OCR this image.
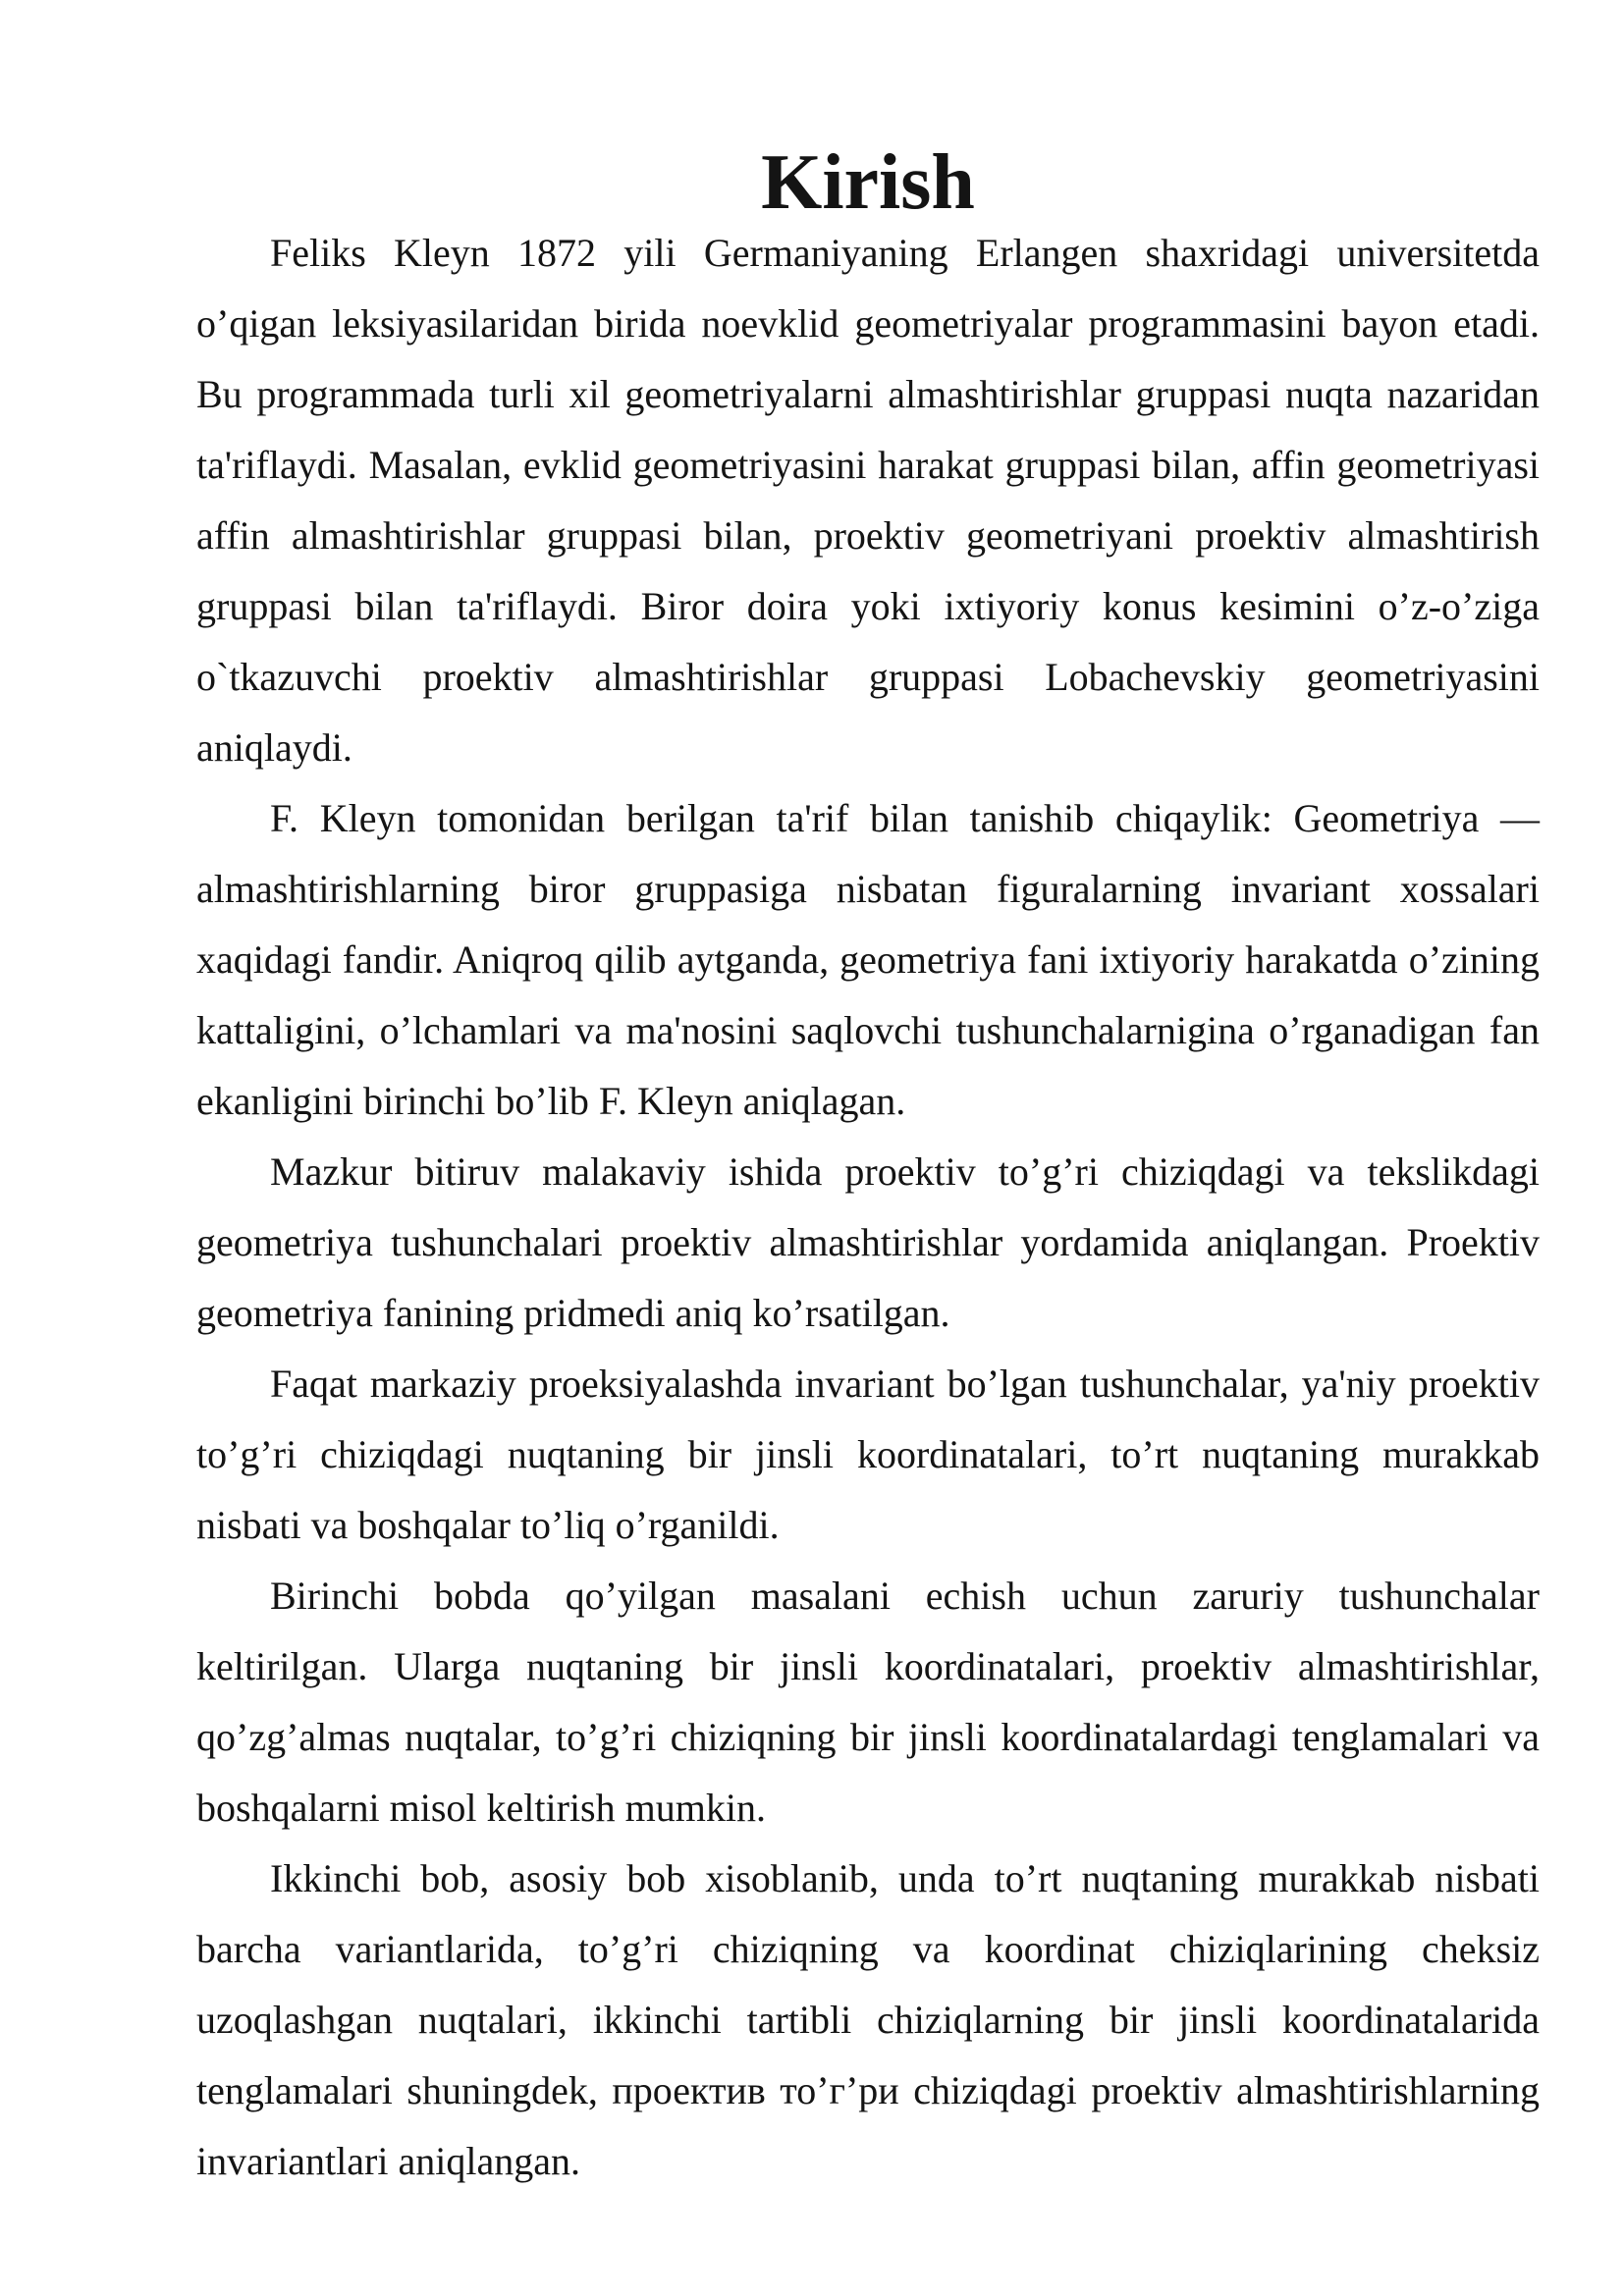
Kirish

Feliks Kleyn 1872 yili Germaniyaning Erlangen shaxridagi universitetda o’qigan leksiyasilaridan birida noevklid geometriyalar programmasini bayon etadi. Bu programmada turli xil geometriyalarni almashtirishlar gruppasi nuqta nazaridan ta'riflaydi. Masalan, evklid geometriyasini harakat gruppasi bilan, affin geometriyasi affin almashtirishlar gruppasi bilan, proektiv geometriyani proektiv almashtirish gruppasi bilan ta'riflaydi. Biror doira yoki ixtiyoriy konus kesimini o’z-o’ziga o`tkazuvchi proektiv almashtirishlar gruppasi Lobachevskiy geometriyasini aniqlaydi.

F. Kleyn tomonidan berilgan ta'rif bilan tanishib chiqaylik: Geometriya — almashtirishlarning biror gruppasiga nisbatan figuralarning invariant xossalari xaqidagi fandir. Aniqroq qilib aytganda, geometriya fani ixtiyoriy harakatda o’zining kattaligini, o’lchamlari va ma'nosini saqlovchi tushunchalarnigina o’rganadigan fan ekanligini birinchi bo’lib F. Kleyn aniqlagan.

Mazkur bitiruv malakaviy ishida proektiv to’g’ri chiziqdagi va tekslikdagi geometriya tushunchalari proektiv almashtirishlar yordamida aniqlangan. Proektiv geometriya fanining pridmedi aniq ko’rsatilgan.

Faqat markaziy proeksiyalashda invariant bo’lgan tushunchalar, ya'niy proektiv to’g’ri chiziqdagi nuqtaning bir jinsli koordinatalari, to’rt nuqtaning murakkab nisbati va boshqalar to’liq o’rganildi.

Birinchi bobda qo’yilgan masalani echish uchun zaruriy tushunchalar keltirilgan. Ularga nuqtaning bir jinsli koordinatalari, proektiv almashtirishlar, qo’zg’almas nuqtalar, to’g’ri chiziqning bir jinsli koordinatalardagi tenglamalari va boshqalarni misol keltirish mumkin.

Ikkinchi bob, asosiy bob xisoblanib, unda to’rt nuqtaning murakkab nisbati barcha variantlarida, to’g’ri chiziqning va koordinat chiziqlarining cheksiz uzoqlashgan nuqtalari, ikkinchi tartibli chiziqlarning bir jinsli koordinatalarida tenglamalari shuningdek, проектив то’г’ри chiziqdagi proektiv almashtirishlarning invariantlari aniqlangan.
